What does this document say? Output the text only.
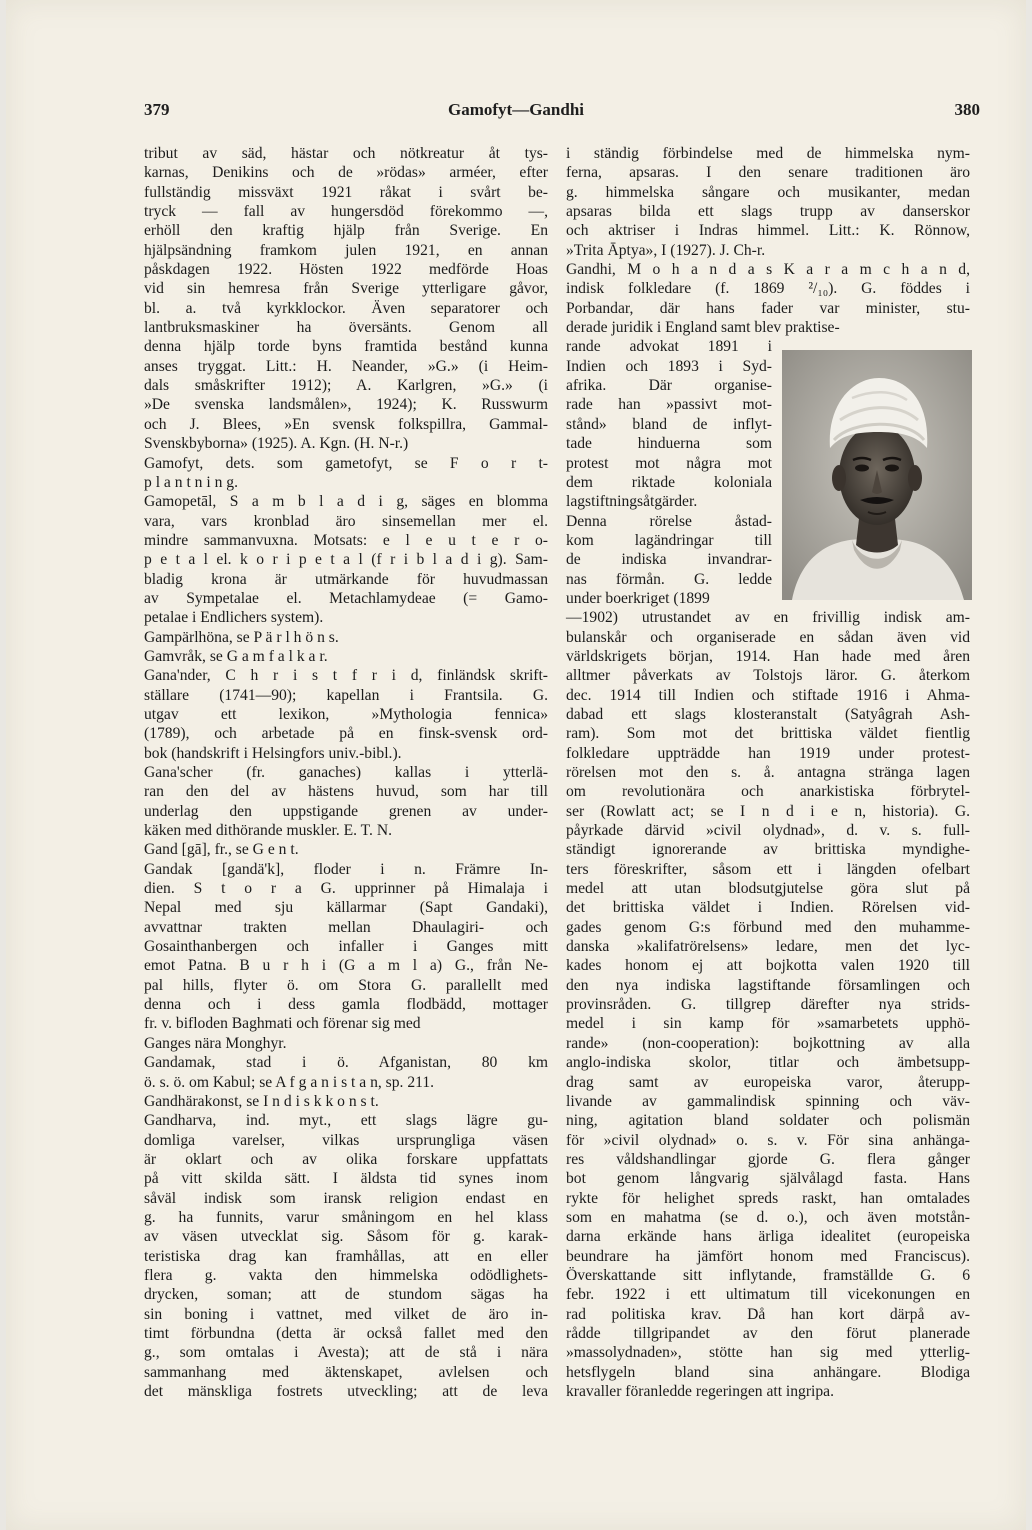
379	Gamofyt—Gandhi	380
tribut av säd, hästar och nötkreatur åt tys-
karnas, Denikins och de »rödas» arméer, efter
fullständig missväxt 1921 råkat i svårt be-
tryck — fall av hungersdöd förekommo —,
erhöll den kraftig hjälp från Sverige. En
hjälpsändning framkom julen 1921, en annan
påskdagen 1922. Hösten 1922 medförde Hoas
vid sin hemresa från Sverige ytterligare gåvor,
bl. a. två kyrkklockor. Även separatorer och
lantbruksmaskiner ha översänts. Genom all
denna hjälp torde byns framtida bestånd kunna
anses tryggat. Litt.: H. Neander, »G.» (i Heim-
dals småskrifter 1912); A. Karlgren, »G.» (i
»De svenska landsmålen», 1924); K. Russwurm
och J. Blees, »En svensk folkspillra, Gammal-
Svenskbyborna» (1925). A. Kgn. (H. N-r.)
Gamofyt, dets. som gametofyt, se F o r t-
p l a n t n i n g.
Gamopetāl, S a m b l a d i g, säges en blomma
vara, vars kronblad äro sinsemellan mer el.
mindre sammanvuxna. Motsats: e l e u t e r o-
p e t a l el. k o r i p e t a l (f r i b l a d i g). Sam-
bladig krona är utmärkande för huvudmassan
av Sympetalae el. Metachlamydeae (= Gamo-
petalae i Endlichers system).
Gampärlhöna, se P ä r l h ö n s.
Gamvråk, se G a m f a l k a r.
Gana'nder, C h r i s t f r i d, finländsk skrift-
ställare (1741—90); kapellan i Frantsila. G.
utgav ett lexikon, »Mythologia fennica»
(1789), och arbetade på en finsk-svensk ord-
bok (handskrift i Helsingfors univ.-bibl.).
Gana'scher (fr. ganaches) kallas i ytterlä-
ran den del av hästens huvud, som har till
underlag den uppstigande grenen av under-
käken med dithörande muskler. E. T. N.
Gand [gā], fr., se G e n t.
Gandak [gandä'k], floder i n. Främre In-
dien. S t o r a G. upprinner på Himalaja i
Nepal med sju källarmar (Sapt Gandaki),
avvattnar trakten mellan Dhaulagiri- och
Gosainthanbergen och infaller i Ganges mitt
emot Patna. B u r h i (G a m l a) G., från Ne-
pal hills, flyter ö. om Stora G. parallellt med
denna och i dess gamla flodbädd, mottager
fr. v. bifloden Baghmati och förenar sig med
Ganges nära Monghyr.
Gandamak, stad i ö. Afganistan, 80 km
ö. s. ö. om Kabul; se A f g a n i s t a n, sp. 211.
Gandhärakonst, se I n d i s k k o n s t.
Gandharva, ind. myt., ett slags lägre gu-
domliga varelser, vilkas ursprungliga väsen
är oklart och av olika forskare uppfattats
på vitt skilda sätt. I äldsta tid synes inom
såväl indisk som iransk religion endast en
g. ha funnits, varur småningom en hel klass
av väsen utvecklat sig. Såsom för g. karak-
teristiska drag kan framhållas, att en eller
flera g. vakta den himmelska odödlighets-
drycken, soman; att de stundom sägas ha
sin boning i vattnet, med vilket de äro in-
timt förbundna (detta är också fallet med den
g., som omtalas i Avesta); att de stå i nära
sammanhang med äktenskapet, avlelsen och
det mänskliga fostrets utveckling; att de leva
i ständig förbindelse med de himmelska nym-
ferna, apsaras. I den senare traditionen äro
g. himmelska sångare och musikanter, medan
apsaras bilda ett slags trupp av danserskor
och aktriser i Indras himmel. Litt.: K. Rönnow,
»Trita Āptya», I (1927). J. Ch-r.
Gandhi, M o h a n d a s K a r a m c h a n d,
indisk folkledare (f. 1869 ²/₁₀). G. föddes i
Porbandar, där hans fader var minister, stu-
derade juridik i England samt blev praktise-
rande advokat 1891 i
Indien och 1893 i Syd-
afrika. Där organise-
rade han »passivt mot-
stånd» bland de inflyt-
tade hinduerna som
protest mot några mot
dem riktade koloniala
lagstiftningsåtgärder.
Denna rörelse åstad-
kom lagändringar till
de indiska invandrar-
nas förmån. G. ledde
under boerkriget (1899
—1902) utrustandet av en frivillig indisk am-
bulanskår och organiserade en sådan även vid
världskrigets början, 1914. Han hade med åren
alltmer påverkats av Tolstojs läror. G. återkom
dec. 1914 till Indien och stiftade 1916 i Ahma-
dabad ett slags klosteranstalt (Satyâgrah Ash-
ram). Som mot det brittiska väldet fientlig
folkledare uppträdde han 1919 under protest-
rörelsen mot den s. å. antagna stränga lagen
om revolutionära och anarkistiska förbrytel-
ser (Rowlatt act; se I n d i e n, historia). G.
påyrkade därvid »civil olydnad», d. v. s. full-
ständigt ignorerande av brittiska myndighe-
ters föreskrifter, såsom ett i längden ofelbart
medel att utan blodsutgjutelse göra slut på
det brittiska väldet i Indien. Rörelsen vid-
gades genom G:s förbund med den muhamme-
danska »kalifatrörelsens» ledare, men det lyc-
kades honom ej att bojkotta valen 1920 till
den nya indiska lagstiftande församlingen och
provinsråden. G. tillgrep därefter nya strids-
medel i sin kamp för »samarbetets upphö-
rande» (non-cooperation): bojkottning av alla
anglo-indiska skolor, titlar och ämbetsupp-
drag samt av europeiska varor, återupp-
livande av gammalindisk spinning och väv-
ning, agitation bland soldater och polismän
för »civil olydnad» o. s. v. För sina anhänga-
res våldshandlingar gjorde G. flera gånger
bot genom långvarig självålagd fasta. Hans
rykte för helighet spreds raskt, han omtalades
som en mahatma (se d. o.), och även motstån-
darna erkände hans ärliga idealitet (europeiska
beundrare ha jämfört honom med Franciscus).
Överskattande sitt inflytande, framställde G. 6
febr. 1922 i ett ultimatum till vicekonungen en
rad politiska krav. Då han kort därpå av-
rådde tillgripandet av den förut planerade
»massolydnaden», stötte han sig med ytterlig-
hetsflygeln bland sina anhängare. Blodiga
kravaller föranledde regeringen att ingripa.
